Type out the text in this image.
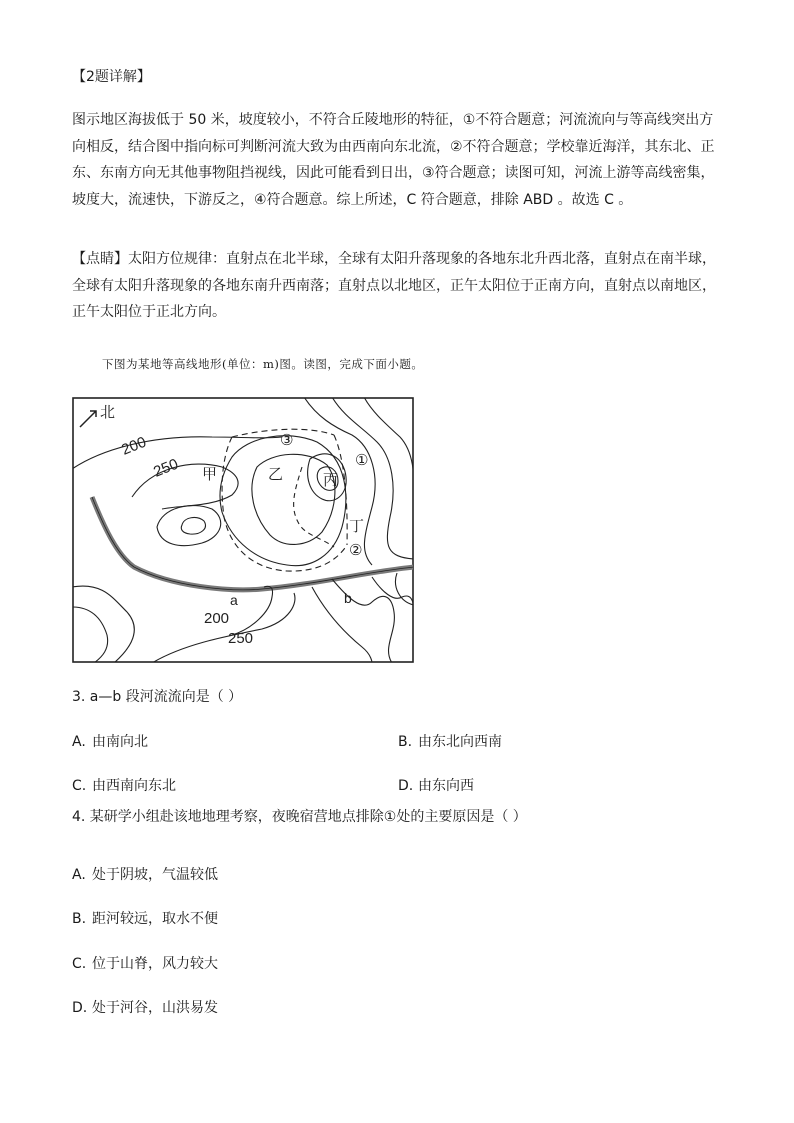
【2题详解】

图示地区海拔低于 50 米，坡度较小，不符合丘陵地形的特征，①不符合题意；河流流向与等高线突出方向相反，结合图中指向标可判断河流大致为由西南向东北流，②不符合题意；学校靠近海洋，其东北、正东、东南方向无其他事物阻挡视线，因此可能看到日出，③符合题意；读图可知，河流上游等高线密集，坡度大，流速快，下游反之，④符合题意。综上所述，C 符合题意，排除 ABD 。故选 C 。

【点睛】太阳方位规律：直射点在北半球，全球有太阳升落现象的各地东北升西北落，直射点在南半球，全球有太阳升落现象的各地东南升西南落；直射点以北地区，正午太阳位于正南方向，直射点以南地区，正午太阳位于正北方向。

下图为某地等高线地形(单位：m)图。读图，完成下面小题。

北
200
250
200
250
甲	乙	丙
丁
a	b
①
②
③

3. a—b 段河流流向是（ ）

A. 由南向北	B. 由东北向西南
C. 由西南向东北	D. 由东向西

4. 某研学小组赴该地地理考察，夜晚宿营地点排除①处的主要原因是（ ）

A. 处于阴坡，气温较低
B. 距河较远，取水不便
C. 位于山脊，风力较大
D. 处于河谷，山洪易发
